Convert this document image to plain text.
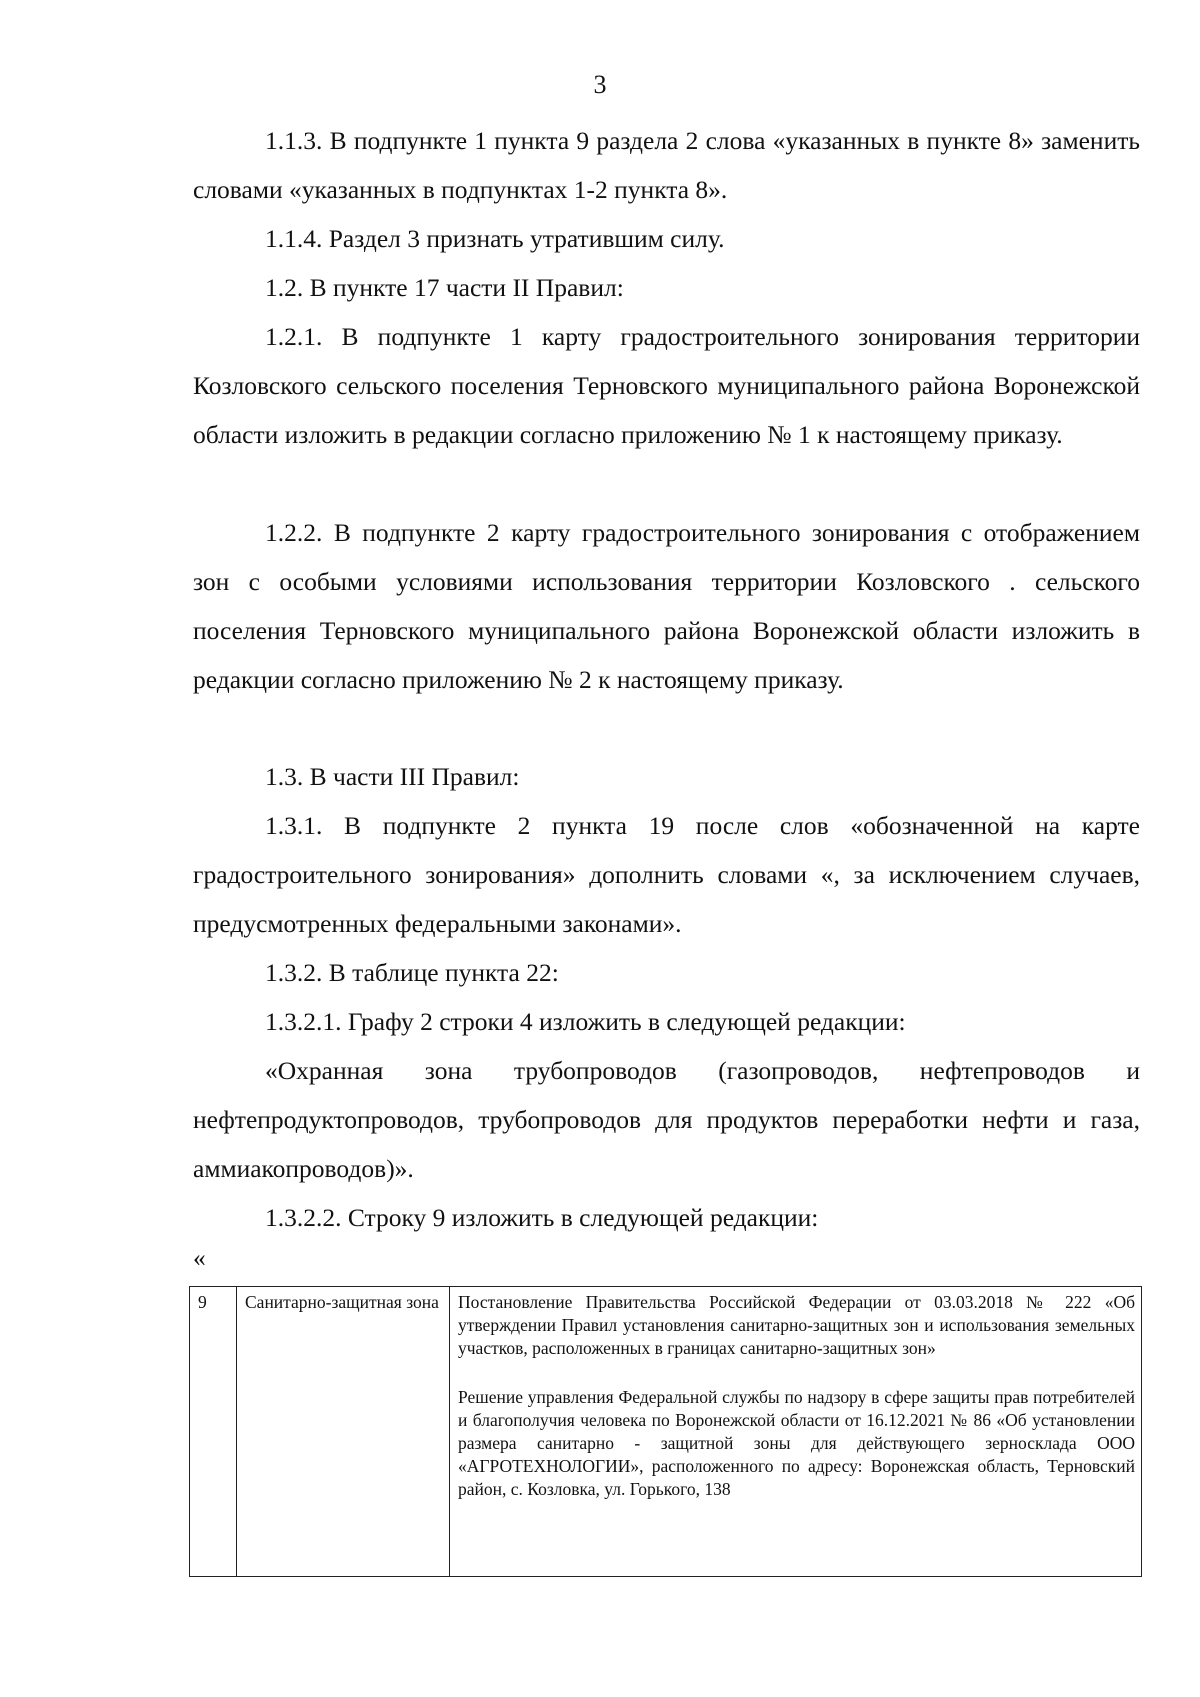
3

1.1.3. В подпункте 1 пункта 9 раздела 2 слова «указанных в пункте 8» заменить словами «указанных в подпунктах 1-2 пункта 8».

1.1.4. Раздел 3 признать утратившим силу.

1.2. В пункте 17 части II Правил:

1.2.1. В подпункте 1 карту градостроительного зонирования территории Козловского сельского поселения Терновского муниципального района Воронежской области изложить в редакции согласно приложению № 1 к настоящему приказу.

1.2.2. В подпункте 2 карту градостроительного зонирования с отображением зон с особыми условиями использования территории Козловского . сельского поселения Терновского муниципального района Воронежской области изложить в редакции согласно приложению № 2 к настоящему приказу.

1.3. В части III Правил:

1.3.1. В подпункте 2 пункта 19 после слов «обозначенной на карте градостроительного зонирования» дополнить словами «, за исключением случаев, предусмотренных федеральными законами».

1.3.2. В таблице пункта 22:

1.3.2.1. Графу 2 строки 4 изложить в следующей редакции:

«Охранная зона трубопроводов (газопроводов, нефтепроводов и нефтепродуктопроводов, трубопроводов для продуктов переработки нефти и газа, аммиакопроводов)».

1.3.2.2. Строку 9 изложить в следующей редакции:

«
9	Санитарно-защитная зона	Постановление Правительства Российской Федерации от 03.03.2018 № 222 «Об утверждении Правил установления санитарно-защитных зон и использования земельных участков, расположенных в границах санитарно-защитных зон»

Решение управления Федеральной службы по надзору в сфере защиты прав потребителей и благополучия человека по Воронежской области от 16.12.2021 № 86 «Об установлении размера санитарно - защитной зоны для действующего зерносклада ООО «АГРОТЕХНОЛОГИИ», расположенного по адресу: Воронежская область, Терновский район, с. Козловка, ул. Горького, 138
